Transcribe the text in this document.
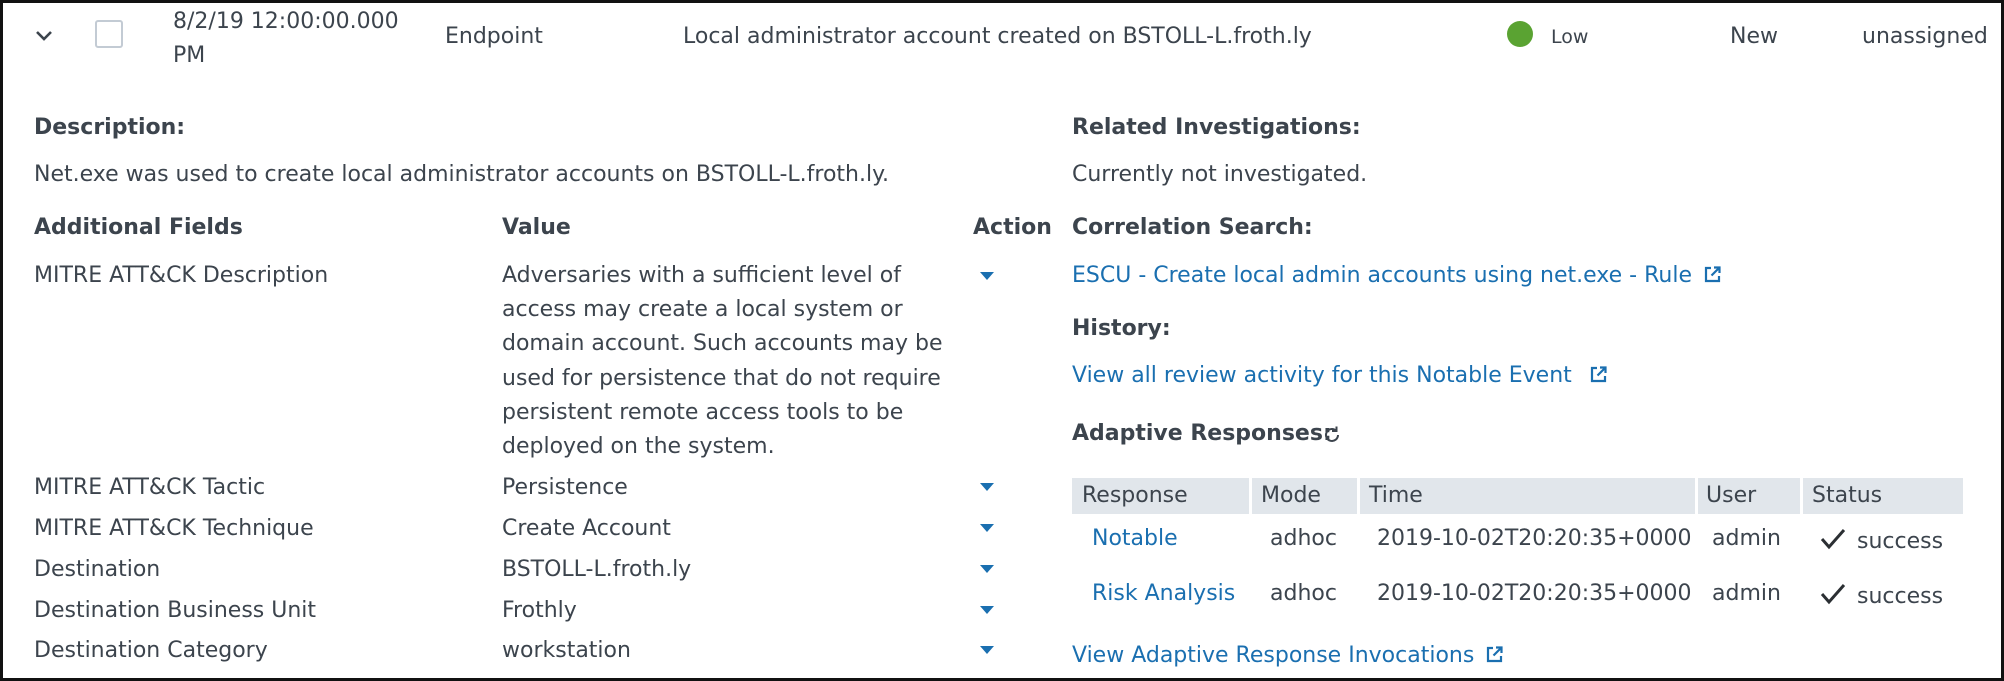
8/2/19 12:00:00.000
PM
Endpoint	Local administrator account created on BSTOLL-L.froth.ly	Low	New	unassigned
Description:
Net.exe was used to create local administrator accounts on BSTOLL-L.froth.ly.
Additional Fields	Value	Action
MITRE ATT&CK Description	Adversaries with a sufficient level of access may create a local system or domain account. Such accounts may be used for persistence that do not require persistent remote access tools to be deployed on the system.
MITRE ATT&CK Tactic	Persistence
MITRE ATT&CK Technique	Create Account
Destination	BSTOLL-L.froth.ly
Destination Business Unit	Frothly
Destination Category	workstation
Related Investigations:
Currently not investigated.
Correlation Search:
ESCU - Create local admin accounts using net.exe - Rule
History:
View all review activity for this Notable Event
Adaptive Responses:
Response	Mode Time	User	Status
Notable	adhoc 2019-10-02T20:20:35+0000 admin	success
Risk Analysis adhoc 2019-10-02T20:20:35+0000 admin	success
View Adaptive Response Invocations
